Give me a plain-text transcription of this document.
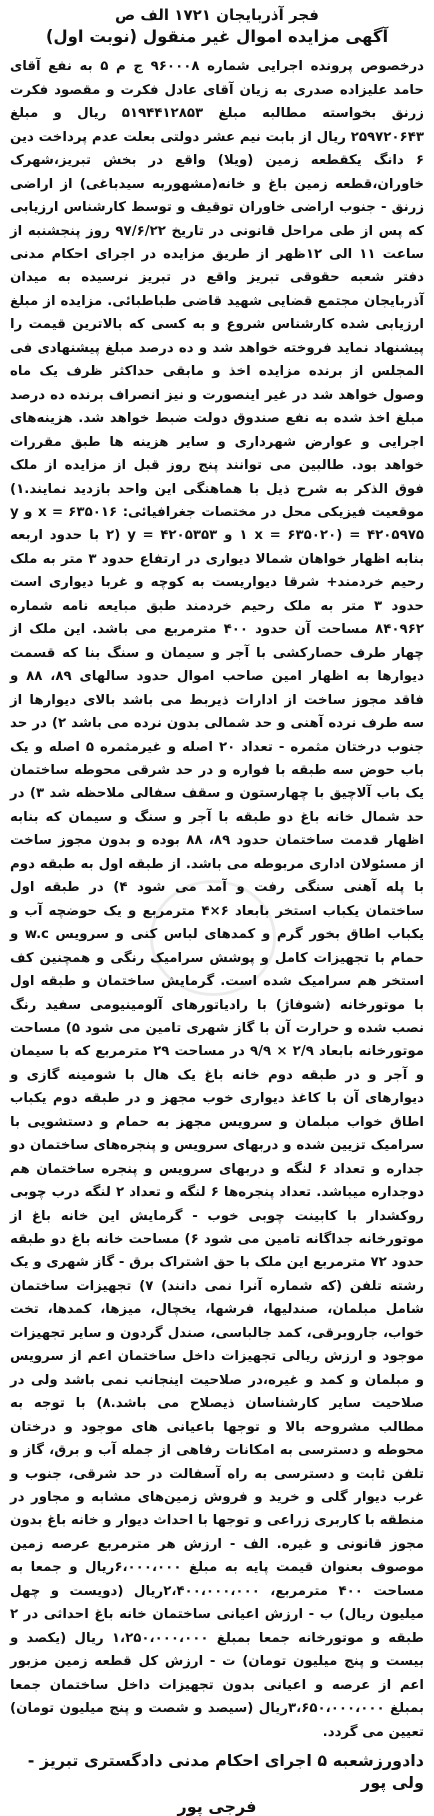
فجر آذربایجان ۱۷۲۱ الف ص
آگهی مزایده اموال غیر منقول (نوبت اول)

درخصوص پرونده اجرایی شماره ۹۶۰۰۰۸ ج م ۵ به نفع آقای حامد علیزاده صدری به زیان آقای عادل فکرت و مقصود فکرت زرنق بخواسته مطالبه مبلغ ۵۱۹۴۴۱۲۸۵۳ ریال و مبلغ ۲۵۹۷۲۰۶۴۳ ریال از بابت نیم عشر دولتی بعلت عدم پرداخت دین ۶ دانگ یکقطعه زمین (ویلا) واقع در بخش تبریز،شهرک خاوران،قطعه زمین باغ و خانه(مشهوربه سیدباغی) از اراضی زرنق - جنوب اراضی خاوران توقیف و توسط کارشناس ارزیابی که پس از طی مراحل قانونی در تاریخ ۹۷/۶/۲۲ روز پنجشنبه از ساعت ۱۱ الی ۱۲ظهر از طریق مزایده در اجرای احکام مدنی دفتر شعبه حقوقی تبریز واقع در تبریز نرسیده به میدان آذربایجان مجتمع قضایی شهید قاضی طباطبائی. مزایده از مبلغ ارزیابی شده کارشناس شروع و به کسی که بالاترین قیمت را پیشنهاد نماید فروخته خواهد شد و ده درصد مبلغ پیشنهادی فی المجلس از برنده مزایده اخذ و مابقی حداکثر ظرف یک ماه وصول خواهد شد در غیر اینصورت و نیز انصراف برنده ده درصد مبلغ اخذ شده به نفع صندوق دولت ضبط خواهد شد. هزینه‌های اجرایی و عوارض شهرداری و سایر هزینه ها طبق مقررات خواهد بود. طالبین می توانند پنج روز قبل از مزایده از ملک فوق الذکر به شرح ذیل با هماهنگی این واحد بازدید نمایند.۱) موقعیت فیزیکی محل در مختصات جغرافیائی: x = ۶۳۵۰۱۶ و y = ۴۲۰۵۹۷۵ (۱ x = ۶۳۵۰۲۰ و y = ۴۲۰۵۳۵۳ (۲ با حدود اربعه بنابه اظهار خواهان شمالا دیواری در ارتفاع حدود ۳ متر به ملک رحیم خردمند+ شرقا دیواریست به کوچه و غربا دیواری است حدود ۳ متر به ملک رحیم خردمند طبق مبایعه نامه شماره ۸۴۰۹۶۲ مساحت آن حدود ۴۰۰ مترمربع می باشد. این ملک از چهار طرف حصارکشی با آجر و سیمان و سنگ بنا که قسمت دیوارها به اظهار امین صاحب اموال حدود سالهای ۸۹، ۸۸ و فاقد مجوز ساخت از ادارات ذیربط می باشد بالای دیوارها از سه طرف نرده آهنی و حد شمالی بدون نرده می باشد ۲) در حد جنوب درختان مثمره - تعداد ۲۰ اصله و غیرمثمره ۵ اصله و یک باب حوض سه طبقه با فواره و در حد شرقی محوطه ساختمان یک باب آلاچیق با چهارستون و سقف سفالی ملاحظه شد ۳) در حد شمال خانه باغ دو طبقه با آجر و سنگ و سیمان که بنابه اظهار قدمت ساختمان حدود ۸۹، ۸۸ بوده و بدون مجوز ساخت از مسئولان اداری مربوطه می باشد. از طبقه اول به طبقه دوم با پله آهنی سنگی رفت و آمد می شود ۴) در طبقه اول ساختمان یکباب استخر بابعاد ۶×۴ مترمربع و یک حوضچه آب و یکباب اطاق بخور گرم و کمدهای لباس کنی و سرویس w.c و حمام با تجهیزات کامل و پوشش سرامیک رنگی و همچنین کف استخر هم سرامیک شده است. گرمایش ساختمان و طبقه اول با موتورخانه (شوفاژ) با رادیاتورهای آلومینیومی سفید رنگ نصب شده و حرارت آن با گاز شهری تامین می شود ۵) مساحت موتورخانه بابعاد ۲/۹ × ۹/۹ در مساحت ۲۹ مترمربع که با سیمان و آجر و در طبقه دوم خانه باغ یک هال با شومینه گازی و دیوارهای آن با کاغذ دیواری خوب مجهز و در طبقه دوم یکباب اطاق خواب مبلمان و سرویس مجهز به حمام و دستشویی با سرامیک تزیین شده و دربهای سرویس و پنجره‌های ساختمان دو جداره و تعداد ۶ لنگه و دربهای سرویس و پنجره ساختمان هم دوجداره میباشد. تعداد پنجره‌ها ۶ لنگه و تعداد ۲ لنگه درب چوبی روکشدار با کابینت چوبی خوب - گرمایش این خانه باغ از موتورخانه جداگانه تامین می شود ۶) مساحت خانه باغ دو طبقه حدود ۷۲ مترمربع این ملک با حق اشتراک برق - گاز شهری و یک رشته تلفن (که شماره آنرا نمی دانند) ۷) تجهیزات ساختمان شامل مبلمان، صندلیها، فرشها، یخچال، میزها، کمدها، تخت خواب، جاروبرقی، کمد جالباسی، صندل گردون و سایر تجهیزات موجود و ارزش ریالی تجهیزات داخل ساختمان اعم از سرویس و مبلمان و کمد و غیره،در صلاحیت اینجانب نمی باشد ولی در صلاحیت سایر کارشناسان ذیصلاح می باشد.۸) با توجه به مطالب مشروحه بالا و توجها باعیانی های موجود و درختان محوطه و دسترسی به امکانات رفاهی از جمله آب و برق، گاز و تلفن ثابت و دسترسی به راه آسفالت در حد شرقی، جنوب و غرب دیوار گلی و خرید و فروش زمین‌های مشابه و مجاور در منطقه با کاربری زراعی و توجها با احداث دیوار و خانه باغ بدون مجوز قانونی و غیره. الف - ارزش هر مترمربع عرصه زمین موصوف بعنوان قیمت پایه به مبلغ ۶،۰۰۰،۰۰۰ریال و جمعا به مساحت ۴۰۰ مترمربع، ۲،۴۰۰،۰۰۰،۰۰۰ریال (دویست و چهل میلیون ریال) ب - ارزش اعیانی ساختمان خانه باغ احداثی در ۲ طبقه و موتورخانه جمعا بمبلغ ۱،۲۵۰،۰۰۰،۰۰۰ ریال (یکصد و بیست و پنج میلیون تومان) ت - ارزش کل قطعه زمین مزبور اعم از عرصه و اعیانی بدون تجهیزات داخل ساختمان جمعا بمبلغ ۳،۶۵۰،۰۰۰،۰۰۰ریال (سیصد و شصت و پنج میلیون تومان) تعیین می گردد.

دادورزشعبه ۵ اجرای احکام مدنی دادگستری تبریز - ولی پور
فرجی پور
